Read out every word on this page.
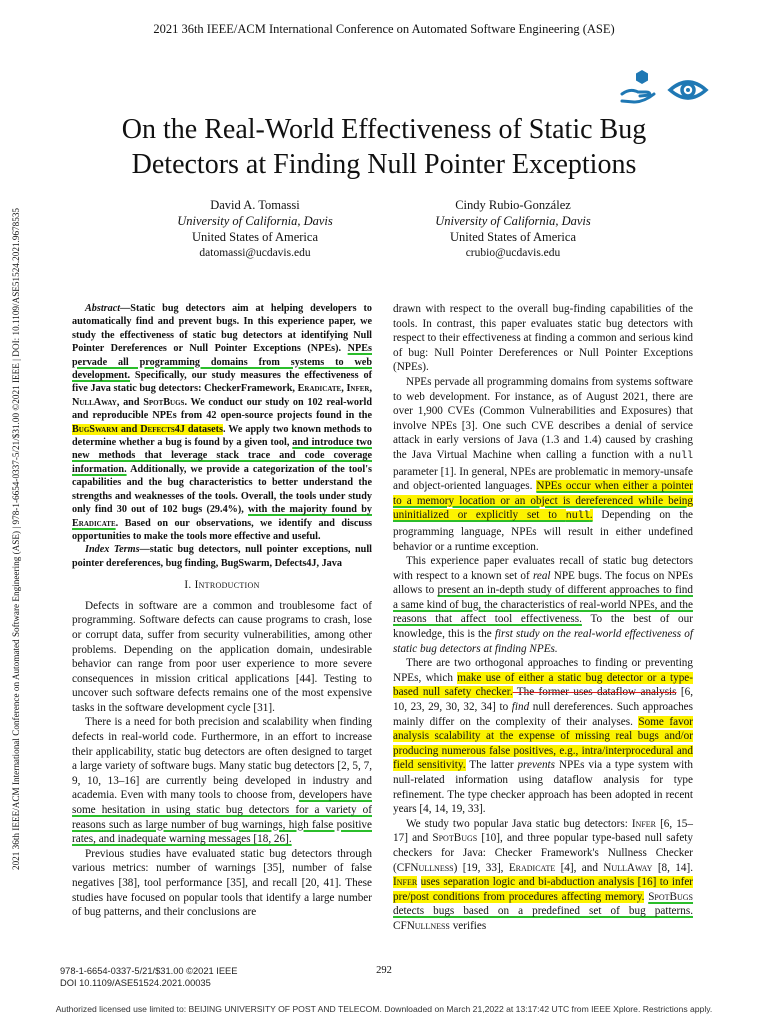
2021 36th IEEE/ACM International Conference on Automated Software Engineering (ASE)
2021 36th IEEE/ACM International Conference on Automated Software Engineering (ASE) | 978-1-6654-0337-5/21/$31.00 ©2021 IEEE | DOI: 10.1109/ASE51524.2021.9678535
On the Real-World Effectiveness of Static Bug
Detectors at Finding Null Pointer Exceptions
David A. Tomassi
University of California, Davis
United States of America
datomassi@ucdavis.edu
Cindy Rubio-González
University of California, Davis
United States of America
crubio@ucdavis.edu

Abstract—Static bug detectors aim at helping developers to automatically find and prevent bugs. In this experience paper, we study the effectiveness of static bug detectors at identifying Null Pointer Dereferences or Null Pointer Exceptions (NPEs). NPEs pervade all programming domains from systems to web development. Specifically, our study measures the effectiveness of five Java static bug detectors: CheckerFramework, Eradicate, Infer, NullAway, and SpotBugs. We conduct our study on 102 real-world and reproducible NPEs from 42 open-source projects found in the BugSwarm and Defects4J datasets. We apply two known methods to determine whether a bug is found by a given tool, and introduce two new methods that leverage stack trace and code coverage information. Additionally, we provide a categorization of the tool's capabilities and the bug characteristics to better understand the strengths and weaknesses of the tools. Overall, the tools under study only find 30 out of 102 bugs (29.4%), with the majority found by Eradicate. Based on our observations, we identify and discuss opportunities to make the tools more effective and useful.

Index Terms—static bug detectors, null pointer exceptions, null pointer dereferences, bug finding, BugSwarm, Defects4J, Java

I. Introduction

Defects in software are a common and troublesome fact of programming. Software defects can cause programs to crash, lose or corrupt data, suffer from security vulnerabilities, among other problems. Depending on the application domain, undesirable behavior can range from poor user experience to more severe consequences in mission critical applications [44]. Testing to uncover such software defects remains one of the most expensive tasks in the software development cycle [31].

There is a need for both precision and scalability when finding defects in real-world code. Furthermore, in an effort to increase their applicability, static bug detectors are often designed to target a large variety of software bugs. Many static bug detectors [2, 5, 7, 9, 10, 13–16] are currently being developed in industry and academia. Even with many tools to choose from, developers have some hesitation in using static bug detectors for a variety of reasons such as large number of bug warnings, high false positive rates, and inadequate warning messages [18, 26].

Previous studies have evaluated static bug detectors through various metrics: number of warnings [35], number of false negatives [38], tool performance [35], and recall [20, 41]. These studies have focused on popular tools that identify a large number of bug patterns, and their conclusions are

drawn with respect to the overall bug-finding capabilities of the tools. In contrast, this paper evaluates static bug detectors with respect to their effectiveness at finding a common and serious kind of bug: Null Pointer Dereferences or Null Pointer Exceptions (NPEs).

NPEs pervade all programming domains from systems software to web development. For instance, as of August 2021, there are over 1,900 CVEs (Common Vulnerabilities and Exposures) that involve NPEs [3]. One such CVE describes a denial of service attack in early versions of Java (1.3 and 1.4) caused by crashing the Java Virtual Machine when calling a function with a null parameter [1]. In general, NPEs are problematic in memory-unsafe and object-oriented languages. NPEs occur when either a pointer to a memory location or an object is dereferenced while being uninitialized or explicitly set to null. Depending on the programming language, NPEs will result in either undefined behavior or a runtime exception.

This experience paper evaluates recall of static bug detectors with respect to a known set of real NPE bugs. The focus on NPEs allows to present an in-depth study of different approaches to find a same kind of bug, the characteristics of real-world NPEs, and the reasons that affect tool effectiveness. To the best of our knowledge, this is the first study on the real-world effectiveness of static bug detectors at finding NPEs.

There are two orthogonal approaches to finding or preventing NPEs, which make use of either a static bug detector or a type-based null safety checker. The former uses dataflow analysis [6, 10, 23, 29, 30, 32, 34] to find null dereferences. Such approaches mainly differ on the complexity of their analyses. Some favor analysis scalability at the expense of missing real bugs and/or producing numerous false positives, e.g., intra/interprocedural and field sensitivity. The latter prevents NPEs via a type system with null-related information using dataflow analysis for type refinement. The type checker approach has been adopted in recent years [4, 14, 19, 33].

We study two popular Java static bug detectors: Infer [6, 15–17] and SpotBugs [10], and three popular type-based null safety checkers for Java: Checker Framework's Nullness Checker (CFNullness) [19, 33], Eradicate [4], and NullAway [8, 14]. Infer uses separation logic and bi-abduction analysis [16] to infer pre/post conditions from procedures affecting memory. SpotBugs detects bugs based on a predefined set of bug patterns. CFNullness verifies

978-1-6654-0337-5/21/$31.00 ©2021 IEEE
DOI 10.1109/ASE51524.2021.00035
292
Authorized licensed use limited to: BEIJING UNIVERSITY OF POST AND TELECOM. Downloaded on March 21,2022 at 13:17:42 UTC from IEEE Xplore. Restrictions apply.
